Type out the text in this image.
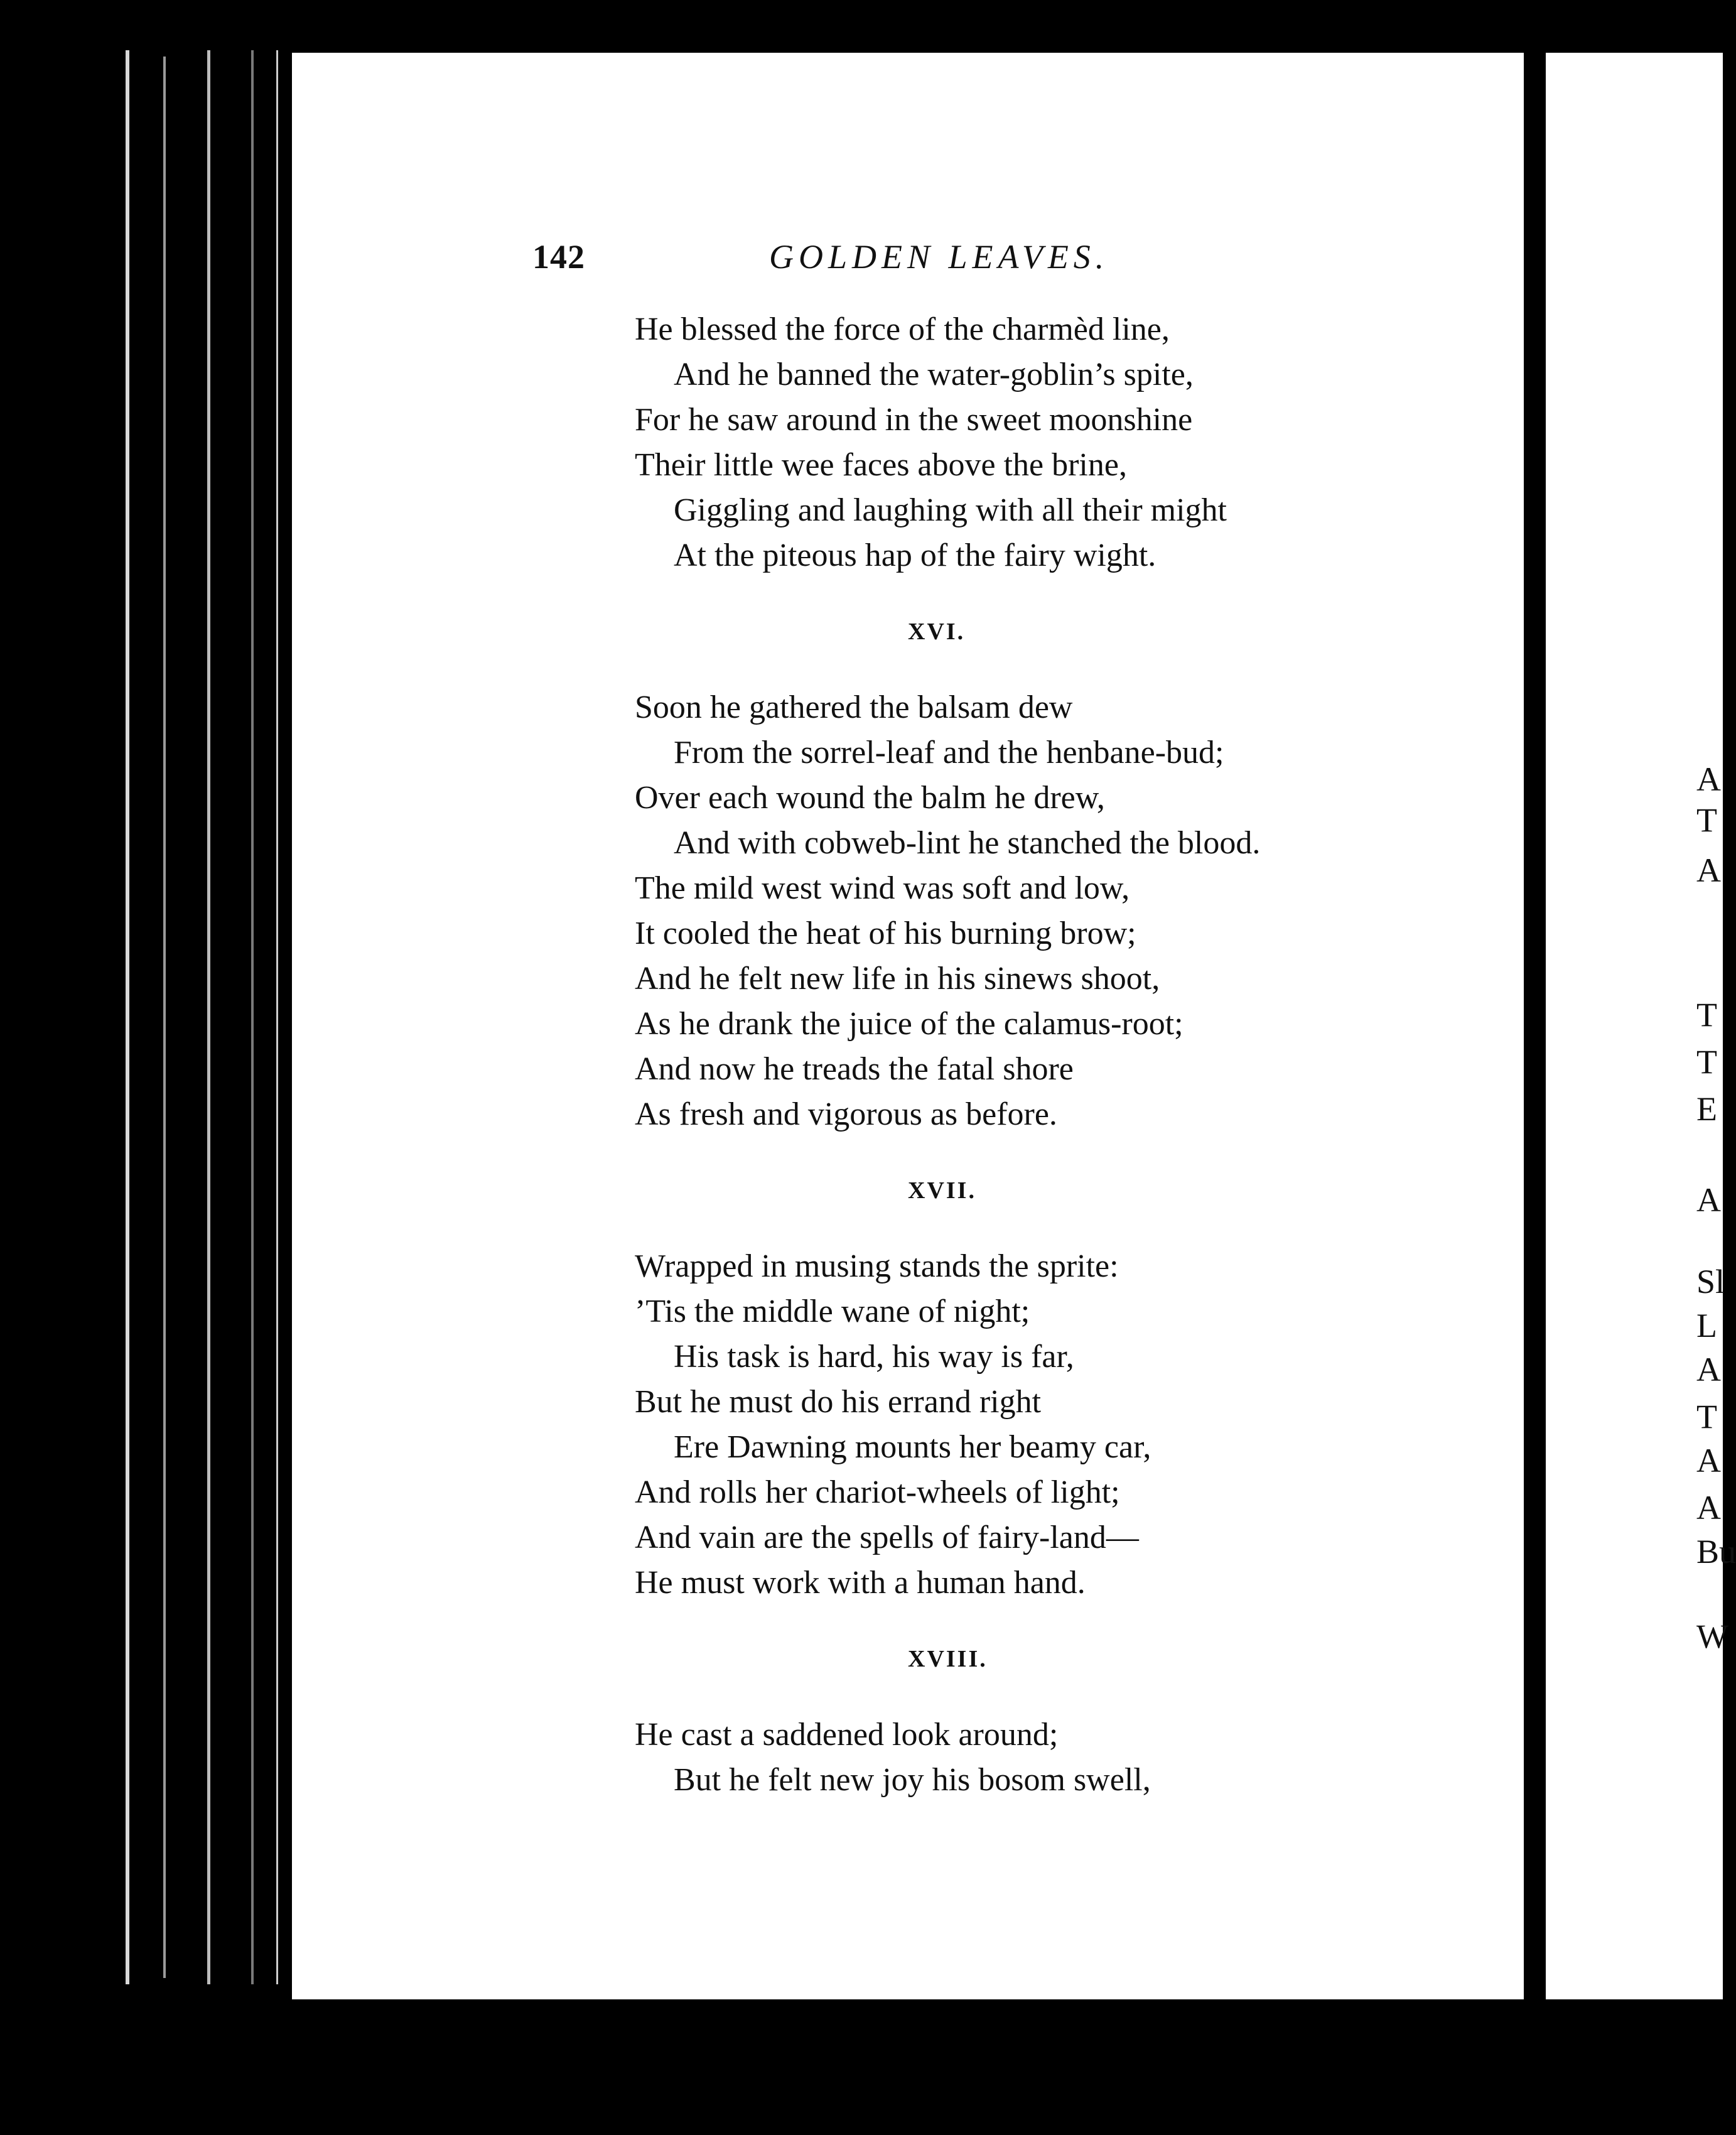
142	GOLDEN LEAVES.
He blessed the force of the charmèd line,
And he banned the water-goblin’s spite,
For he saw around in the sweet moonshine
Their little wee faces above the brine,
Giggling and laughing with all their might
At the piteous hap of the fairy wight.
XVI.
Soon he gathered the balsam dew
From the sorrel-leaf and the henbane-bud;
Over each wound the balm he drew,
And with cobweb-lint he stanched the blood.
The mild west wind was soft and low,
It cooled the heat of his burning brow;
And he felt new life in his sinews shoot,
As he drank the juice of the calamus-root;
And now he treads the fatal shore
As fresh and vigorous as before.
XVII.
Wrapped in musing stands the sprite:
’Tis the middle wane of night;
His task is hard, his way is far,
But he must do his errand right
Ere Dawning mounts her beamy car,
And rolls her chariot-wheels of light;
And vain are the spells of fairy-land—
He must work with a human hand.
XVIII.
He cast a saddened look around;
But he felt new joy his bosom swell,
A
T
A
T
T
E
A
Sl
L
A
T
A
A
Bu
W
